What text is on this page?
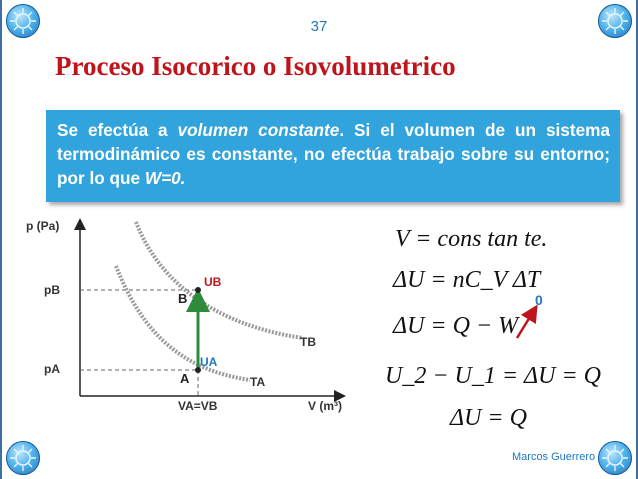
37
Proceso Isocorico o Isovolumetrico

Se efectúa a volumen constante. Si el volumen de un sistema termodinámico es constante, no efectúa trabajo sobre su entorno; por lo que W=0.

p (Pa)
V (m³)
pB
pA
VA=VB
TB
TA
B
A
UB
UA
V = cons tan te.
ΔU = nC_V ΔT
ΔU = Q − W
U_2 − U_1 = ΔU = Q
ΔU = Q
0
Marcos Guerrero
